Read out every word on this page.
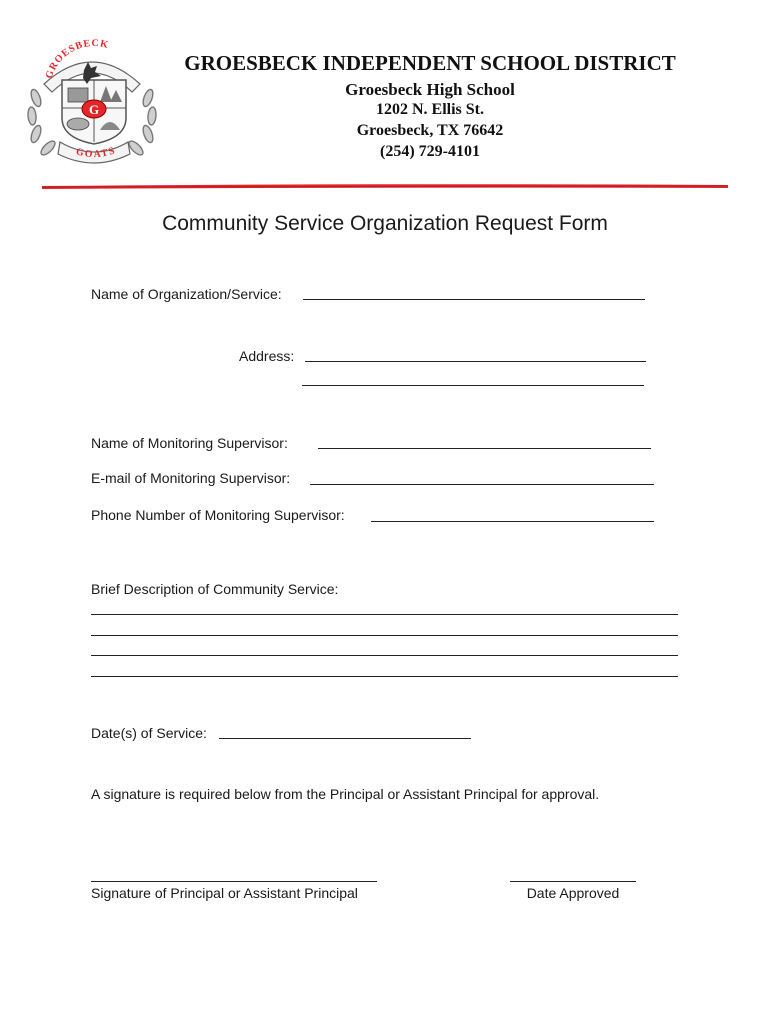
GROESBECK
GOATS
G
GROESBECK INDEPENDENT SCHOOL DISTRICT
Groesbeck High School
1202 N. Ellis St.
Groesbeck, TX 76642
(254) 729-4101
Community Service Organization Request Form
Name of Organization/Service:
Address:
Name of Monitoring Supervisor:
E-mail of Monitoring Supervisor:
Phone Number of Monitoring Supervisor:
Brief Description of Community Service:
Date(s) of Service:
A signature is required below from the Principal or Assistant Principal for approval.
Signature of Principal or Assistant Principal	Date Approved
